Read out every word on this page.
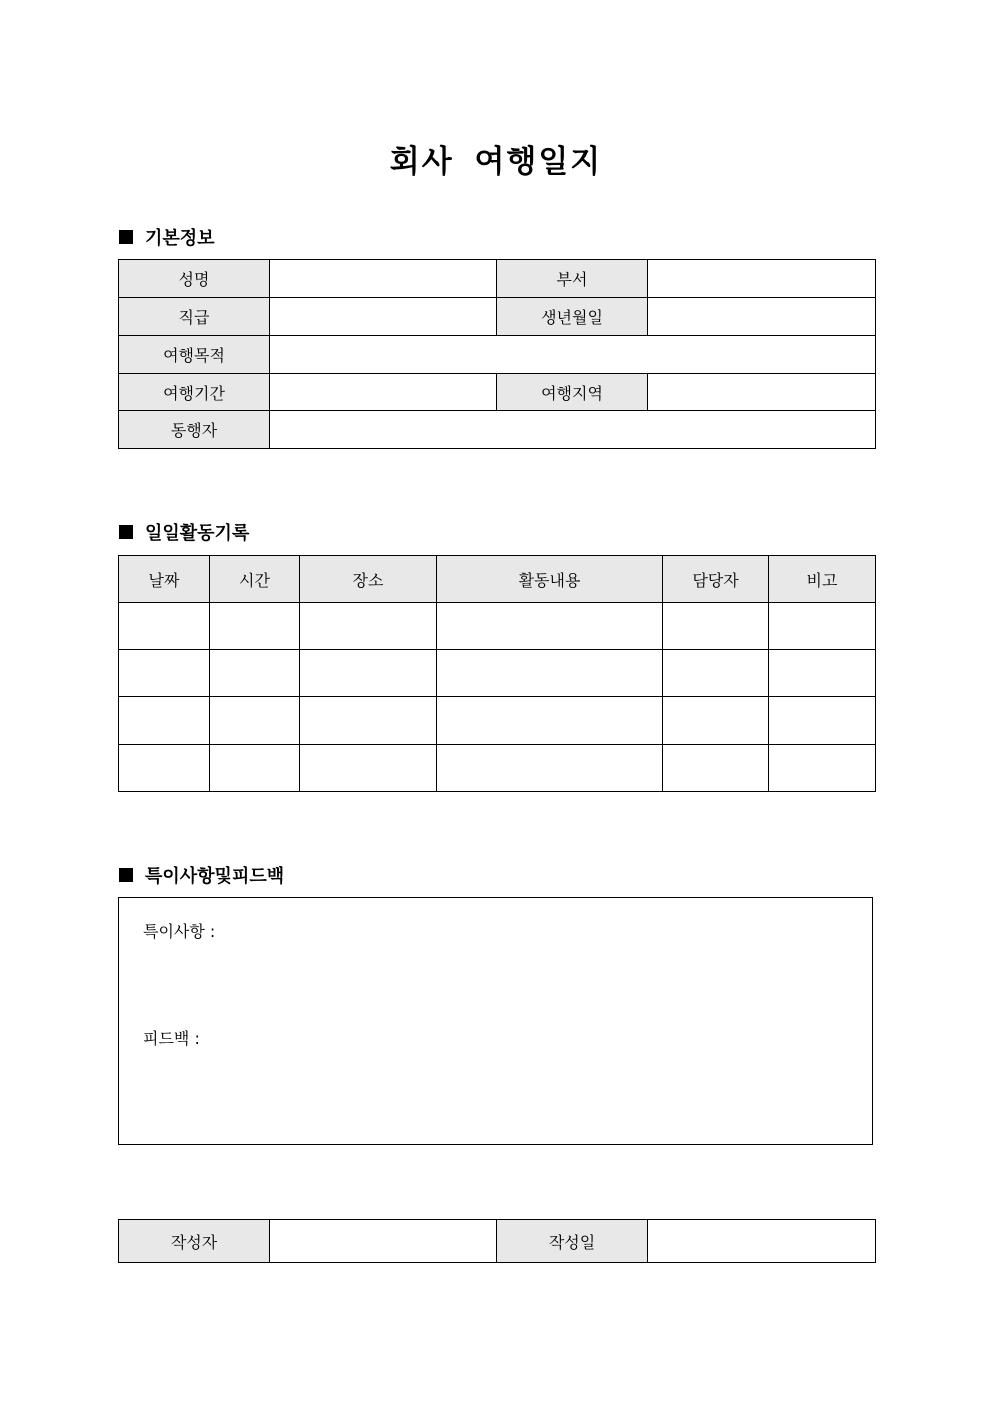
회사 여행일지
기본정보
성명		부서	
직급		생년월일	
여행목적			
여행기간		여행지역	
동행자			
일일활동기록
날짜	시간	장소	활동내용	담당자	비고

특이사항및피드백
특이사항 :
피드백 :
작성자		작성일	
